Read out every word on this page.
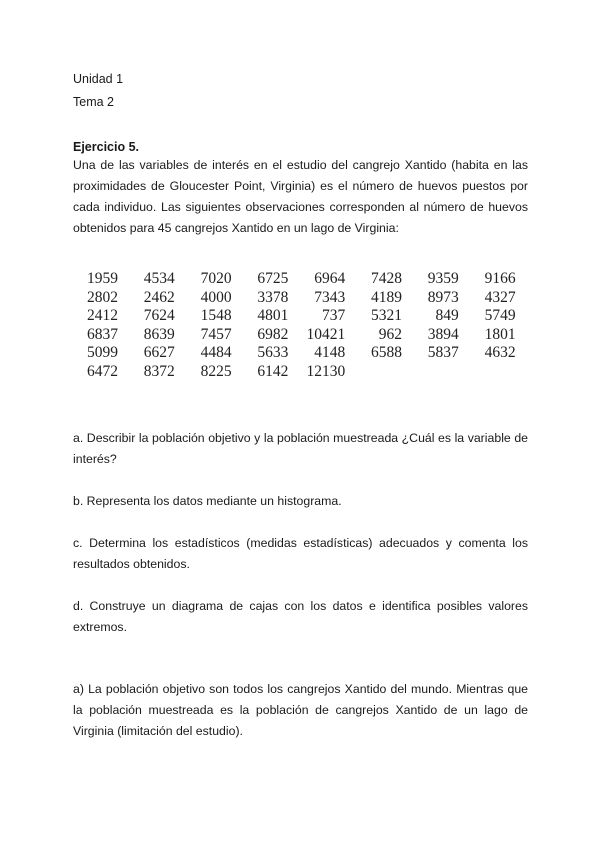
Unidad 1
Tema 2
Ejercicio 5.
Una de las variables de interés en el estudio del cangrejo Xantido (habita en las proximidades de Gloucester Point, Virginia) es el número de huevos puestos por cada individuo. Las siguientes observaciones corresponden al número de huevos obtenidos para 45 cangrejos Xantido en un lago de Virginia:
1959	4534	7020	6725	6964	7428	9359	9166
2802	2462	4000	3378	7343	4189	8973	4327
2412	7624	1548	4801	737	5321	849	5749
6837	8639	7457	6982	10421	962	3894	1801
5099	6627	4484	5633	4148	6588	5837	4632
6472	8372	8225	6142	12130			
a. Describir la población objetivo y la población muestreada ¿Cuál es la variable de interés?
b. Representa los datos mediante un histograma.
c. Determina los estadísticos (medidas estadísticas) adecuados y comenta los resultados obtenidos.
d. Construye un diagrama de cajas con los datos e identifica posibles valores extremos.
a) La población objetivo son todos los cangrejos Xantido del mundo. Mientras que la población muestreada es la población de cangrejos Xantido de un lago de Virginia (limitación del estudio).
